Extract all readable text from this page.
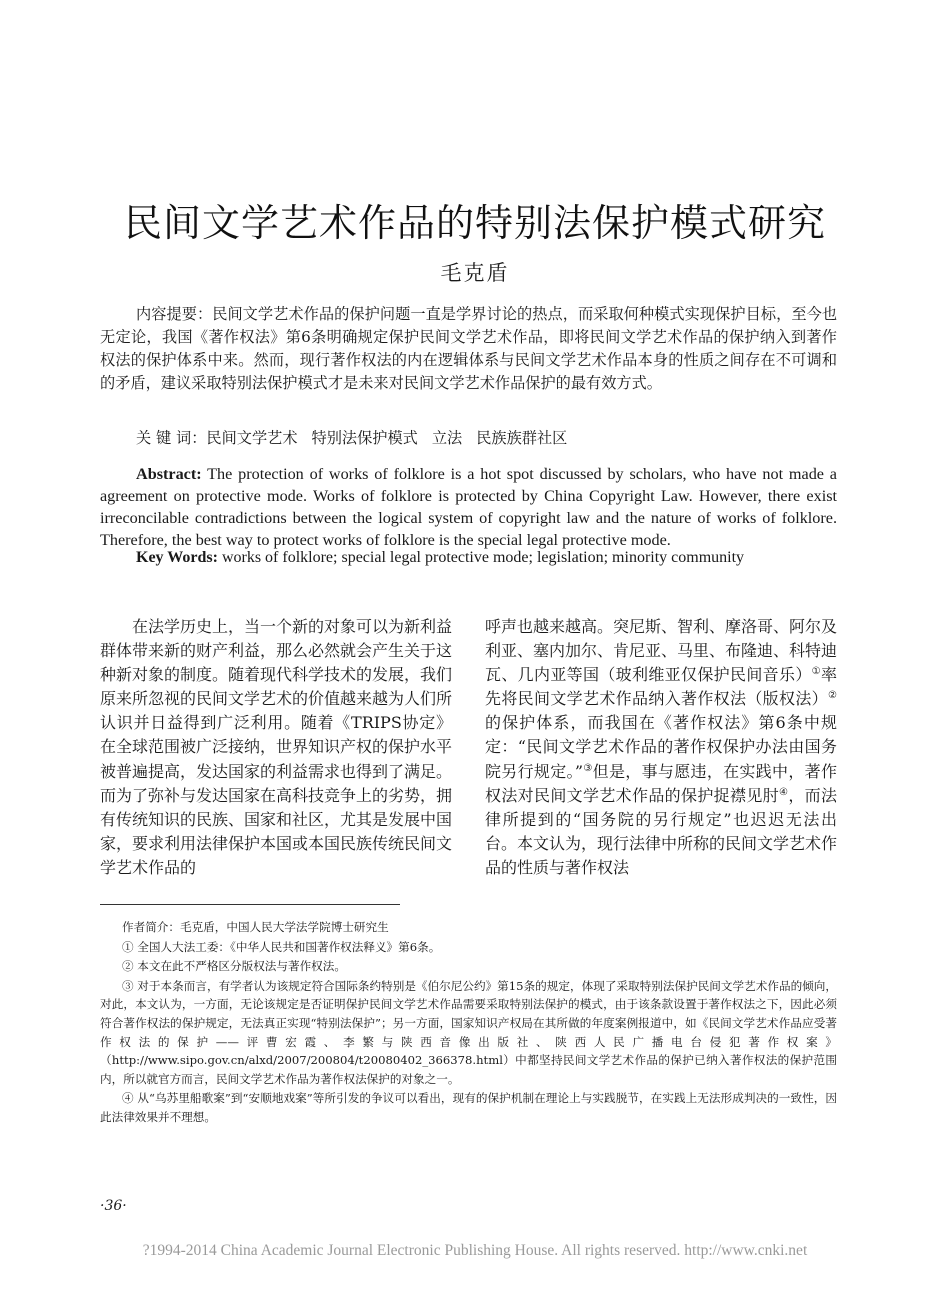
民间文学艺术作品的特别法保护模式研究
毛克盾
内容提要：民间文学艺术作品的保护问题一直是学界讨论的热点，而采取何种模式实现保护目标，至今也无定论，我国《著作权法》第6条明确规定保护民间文学艺术作品，即将民间文学艺术作品的保护纳入到著作权法的保护体系中来。然而，现行著作权法的内在逻辑体系与民间文学艺术作品本身的性质之间存在不可调和的矛盾，建议采取特别法保护模式才是未来对民间文学艺术作品保护的最有效方式。
关 键 词：民间文学艺术 特别法保护模式 立法 民族族群社区
Abstract: The protection of works of folklore is a hot spot discussed by scholars, who have not made a agreement on protective mode. Works of folklore is protected by China Copyright Law. However, there exist irreconcilable contradictions between the logical system of copyright law and the nature of works of folklore. Therefore, the best way to protect works of folklore is the special legal protective mode.
Key Words: works of folklore; special legal protective mode; legislation; minority community
在法学历史上，当一个新的对象可以为新利益群体带来新的财产利益，那么必然就会产生关于这种新对象的制度。随着现代科学技术的发展，我们原来所忽视的民间文学艺术的价值越来越为人们所认识并日益得到广泛利用。随着《TRIPS协定》在全球范围被广泛接纳，世界知识产权的保护水平被普遍提高，发达国家的利益需求也得到了满足。而为了弥补与发达国家在高科技竞争上的劣势，拥有传统知识的民族、国家和社区，尤其是发展中国家，要求利用法律保护本国或本国民族传统民间文学艺术作品的
呼声也越来越高。突尼斯、智利、摩洛哥、阿尔及利亚、塞内加尔、肯尼亚、马里、布隆迪、科特迪瓦、几内亚等国（玻利维亚仅保护民间音乐）①率先将民间文学艺术作品纳入著作权法（版权法）②的保护体系，而我国在《著作权法》第6条中规定：“民间文学艺术作品的著作权保护办法由国务院另行规定。”③但是，事与愿违，在实践中，著作权法对民间文学艺术作品的保护捉襟见肘④，而法律所提到的“国务院的另行规定”也迟迟无法出台。本文认为，现行法律中所称的民间文学艺术作品的性质与著作权法

作者简介：毛克盾，中国人民大学法学院博士研究生

① 全国人大法工委：《中华人民共和国著作权法释义》第6条。

② 本文在此不严格区分版权法与著作权法。

③ 对于本条而言，有学者认为该规定符合国际条约特别是《伯尔尼公约》第15条的规定，体现了采取特别法保护民间文学艺术作品的倾向，对此，本文认为，一方面，无论该规定是否证明保护民间文学艺术作品需要采取特别法保护的模式，由于该条款设置于著作权法之下，因此必须符合著作权法的保护规定，无法真正实现“特别法保护”；另一方面，国家知识产权局在其所做的年度案例报道中，如《民间文学艺术作品应受著作权法的保护——评曹宏霞、李繁与陕西音像出版社、陕西人民广播电台侵犯著作权案》（http://www.sipo.gov.cn/alxd/2007/200804/t20080402_366378.html）中都坚持民间文学艺术作品的保护已纳入著作权法的保护范围内，所以就官方而言，民间文学艺术作品为著作权法保护的对象之一。

④ 从“乌苏里船歌案”到“安顺地戏案”等所引发的争议可以看出，现有的保护机制在理论上与实践脱节，在实践上无法形成判决的一致性，因此法律效果并不理想。

·36·
?1994-2014 China Academic Journal Electronic Publishing House. All rights reserved. http://www.cnki.net
